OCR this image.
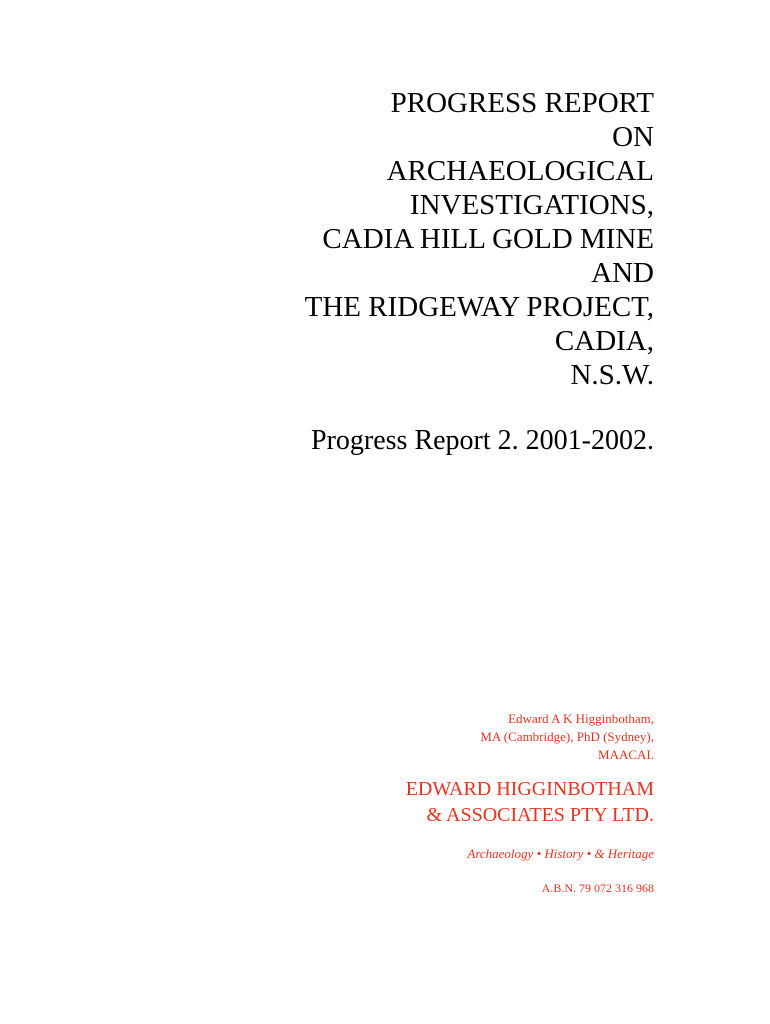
PROGRESS REPORT
ON
ARCHAEOLOGICAL
INVESTIGATIONS,
CADIA HILL GOLD MINE
AND
THE RIDGEWAY PROJECT,
CADIA,
N.S.W.
Progress Report 2. 2001-2002.
Edward A K Higginbotham,
MA (Cambridge), PhD (Sydney),
MAACAI.
EDWARD HIGGINBOTHAM
& ASSOCIATES PTY LTD.
Archaeology • History • & Heritage
A.B.N. 79 072 316 968
